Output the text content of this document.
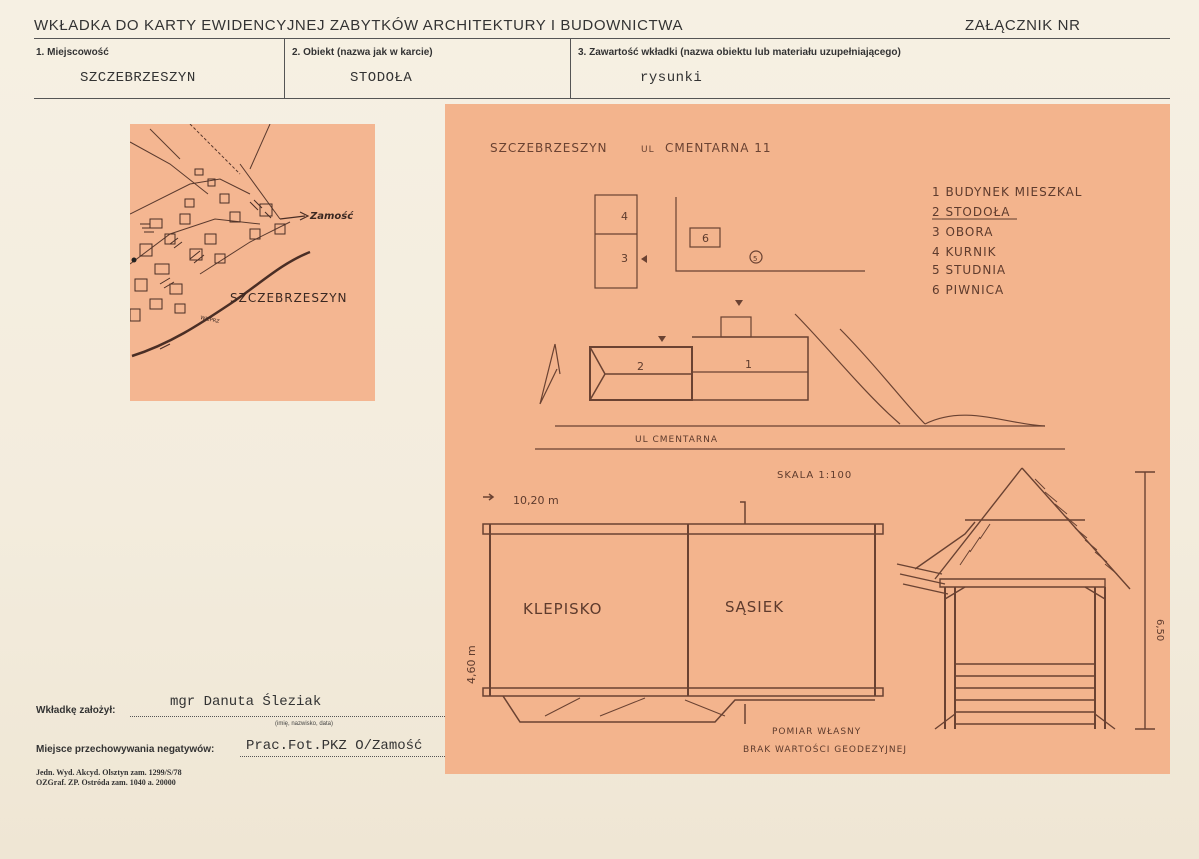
WKŁADKA DO KARTY EWIDENCYJNEJ ZABYTKÓW ARCHITEKTURY I BUDOWNICTWA	ZAŁĄCZNIK NR
1. Miejscowość
SZCZEBRZESZYN
2. Obiekt (nazwa jak w karcie)
STODOŁA
3. Zawartość wkładki (nazwa obiektu lub materiału uzupełniającego)
rysunki
Zamość
SZCZEBRZESZYN
WIEPRZ
SZCZEBRZESZYN	UL CMENTARNA 11
1 BUDYNEK MIESZKAL
2 STODOŁA
3 OBORA
4 KURNIK
5 STUDNIA
6 PIWNICA
4
3
6
5
2	1
UL CMENTARNA
SKALA 1:100
10,20 m
4,60 m
KLEPISKO	SĄSIEK
6,50
POMIAR WŁASNY
BRAK WARTOŚCI GEODEZYJNEJ
Wkładkę założył:
mgr Danuta Śleziak
(imię, nazwisko, data)
Miejsce przechowywania negatywów: Prac.Fot.PKZ O/Zamość
Jedn. Wyd. Akcyd. Olsztyn zam. 1299/S/78
OZGraf. ZP. Ostróda zam. 1040 a. 20000
